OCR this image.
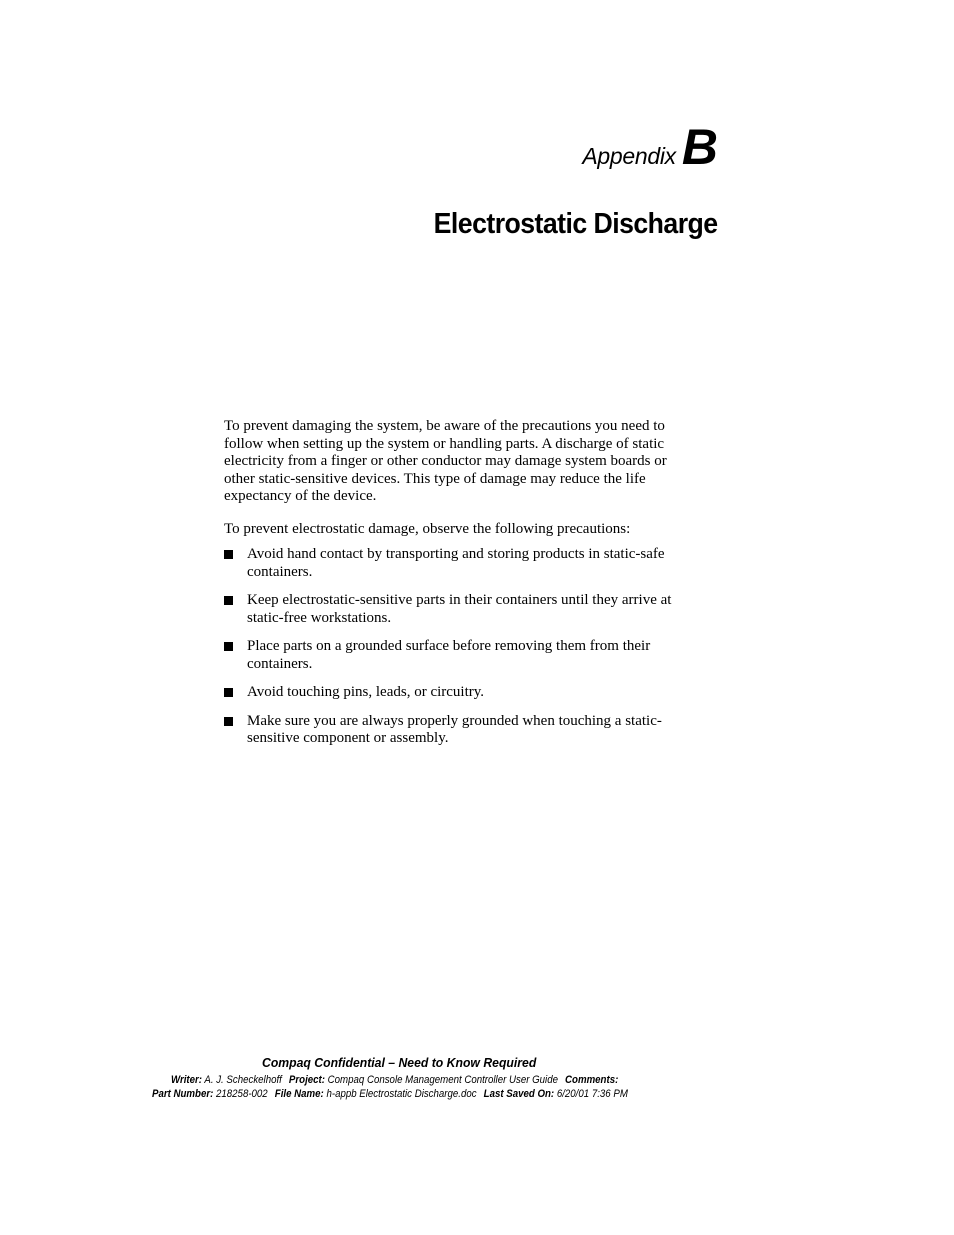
Appendix B
Electrostatic Discharge

To prevent damaging the system, be aware of the precautions you need to follow when setting up the system or handling parts. A discharge of static electricity from a finger or other conductor may damage system boards or other static-sensitive devices. This type of damage may reduce the life expectancy of the device.

To prevent electrostatic damage, observe the following precautions:

Avoid hand contact by transporting and storing products in static-safe containers.
Keep electrostatic-sensitive parts in their containers until they arrive at static-free workstations.
Place parts on a grounded surface before removing them from their containers.
Avoid touching pins, leads, or circuitry.
Make sure you are always properly grounded when touching a static-sensitive component or assembly.
Compaq Confidential – Need to Know Required
Writer: A. J. Scheckelhoff Project: Compaq Console Management Controller User Guide Comments:
Part Number: 218258-002 File Name: h-appb Electrostatic Discharge.doc Last Saved On: 6/20/01 7:36 PM
